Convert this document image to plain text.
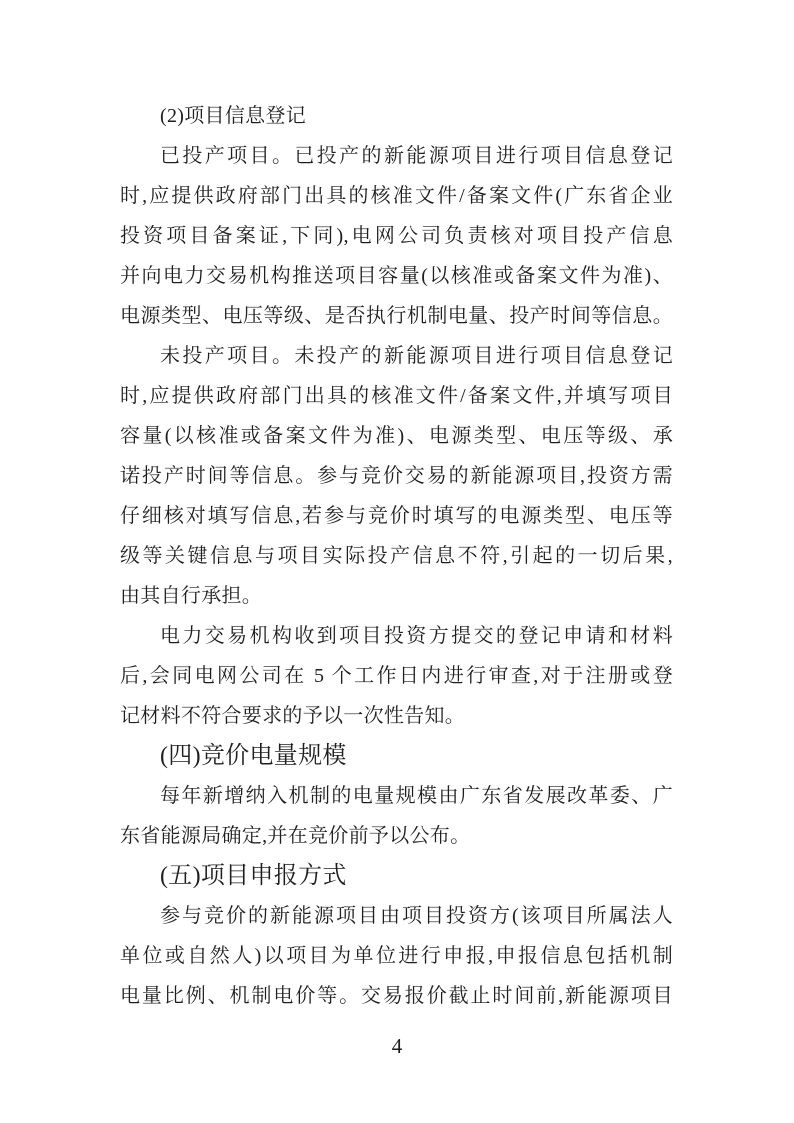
(2)项目信息登记
已投产项目。已投产的新能源项目进行项目信息登记
时,应提供政府部门出具的核准文件/备案文件(广东省企业
投资项目备案证,下同),电网公司负责核对项目投产信息
并向电力交易机构推送项目容量(以核准或备案文件为准)、
电源类型、电压等级、是否执行机制电量、投产时间等信息。
未投产项目。未投产的新能源项目进行项目信息登记
时,应提供政府部门出具的核准文件/备案文件,并填写项目
容量(以核准或备案文件为准)、电源类型、电压等级、承
诺投产时间等信息。参与竞价交易的新能源项目,投资方需
仔细核对填写信息,若参与竞价时填写的电源类型、电压等
级等关键信息与项目实际投产信息不符,引起的一切后果,
由其自行承担。
电力交易机构收到项目投资方提交的登记申请和材料
后,会同电网公司在 5 个工作日内进行审查,对于注册或登
记材料不符合要求的予以一次性告知。
(四)竞价电量规模
每年新增纳入机制的电量规模由广东省发展改革委、广
东省能源局确定,并在竞价前予以公布。
(五)项目申报方式
参与竞价的新能源项目由项目投资方(该项目所属法人
单位或自然人)以项目为单位进行申报,申报信息包括机制
电量比例、机制电价等。交易报价截止时间前,新能源项目
4
